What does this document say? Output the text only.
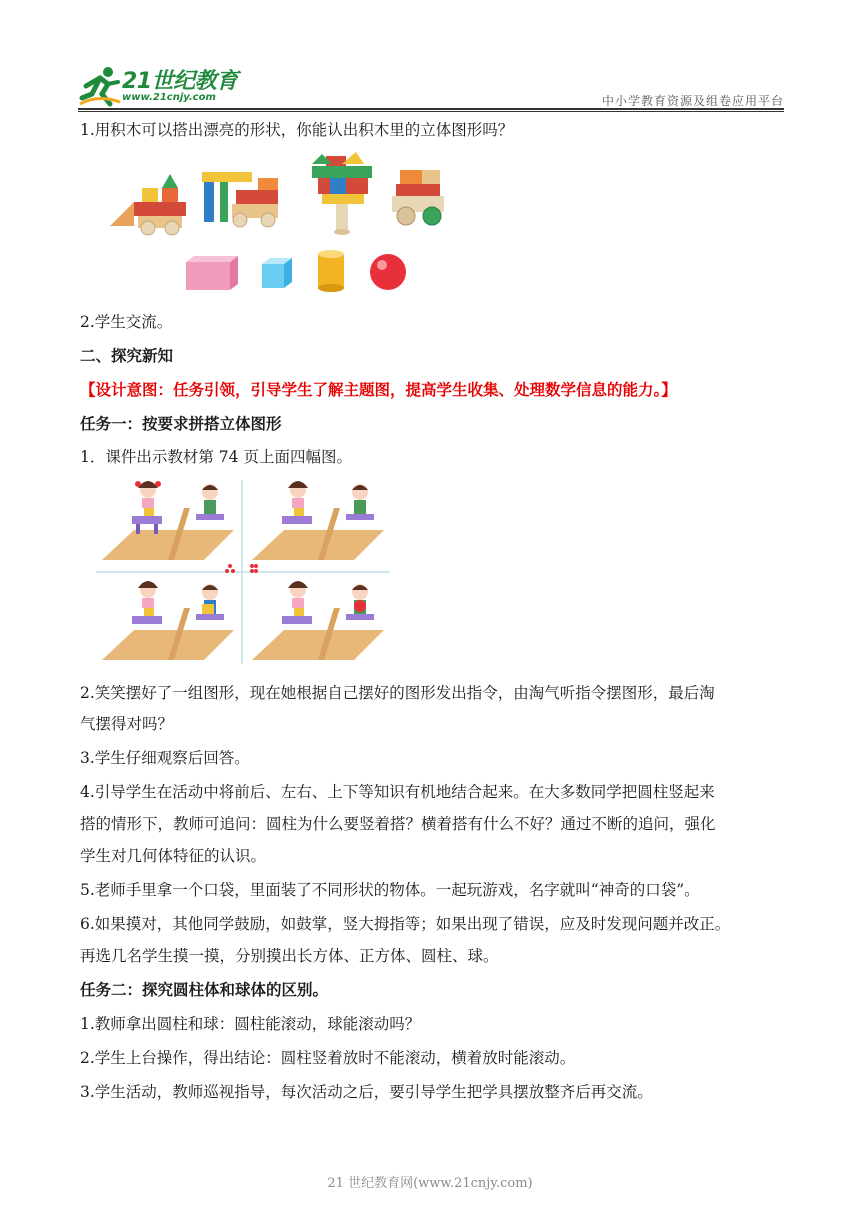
21世纪教育
www.21cnjy.com	中小学教育资源及组卷应用平台
1.用积木可以搭出漂亮的形状，你能认出积木里的立体图形吗？
2.学生交流。
二、探究新知
【设计意图：任务引领，引导学生了解主题图，提高学生收集、处理数学信息的能力。】
任务一：按要求拼搭立体图形
1．课件出示教材第 74 页上面四幅图。
2.笑笑摆好了一组图形，现在她根据自己摆好的图形发出指令，由淘气听指令摆图形，最后淘
气摆得对吗？
3.学生仔细观察后回答。
4.引导学生在活动中将前后、左右、上下等知识有机地结合起来。在大多数同学把圆柱竖起来
搭的情形下，教师可追问：圆柱为什么要竖着搭？横着搭有什么不好？通过不断的追问，强化
学生对几何体特征的认识。
5.老师手里拿一个口袋，里面装了不同形状的物体。一起玩游戏，名字就叫“神奇的口袋”。
6.如果摸对，其他同学鼓励，如鼓掌，竖大拇指等；如果出现了错误，应及时发现问题并改正。
再选几名学生摸一摸，分别摸出长方体、正方体、圆柱、球。
任务二：探究圆柱体和球体的区别。
1.教师拿出圆柱和球：圆柱能滚动，球能滚动吗？
2.学生上台操作，得出结论：圆柱竖着放时不能滚动，横着放时能滚动。
3.学生活动，教师巡视指导，每次活动之后，要引导学生把学具摆放整齐后再交流。
21 世纪教育网(www.21cnjy.com)
